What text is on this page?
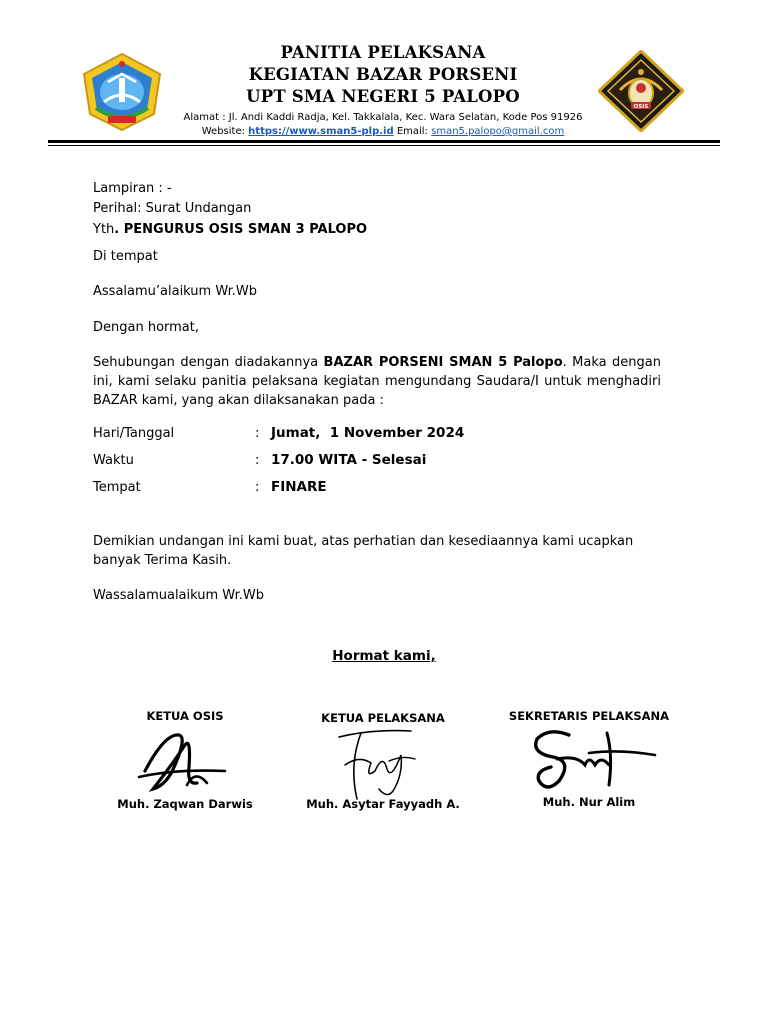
PANITIA PELAKSANA
KEGIATAN BAZAR PORSENI
UPT SMA NEGERI 5 PALOPO
Alamat : Jl. Andi Kaddi Radja, Kel. Takkalala, Kec. Wara Selatan, Kode Pos 91926
Website: https://www.sman5-plp.id Email: sman5.palopo@gmail.com
OSIS
Lampiran : -
Perihal: Surat Undangan
Yth. PENGURUS OSIS SMAN 3 PALOPO
Di tempat
Assalamu’alaikum Wr.Wb
Dengan hormat,
Sehubungan dengan diadakannya BAZAR PORSENI SMAN 5 Palopo. Maka dengan ini, kami selaku panitia pelaksana kegiatan mengundang Saudara/I untuk menghadiri BAZAR kami, yang akan dilaksanakan pada :
Hari/Tanggal	: Jumat,  1 November 2024
Waktu	: 17.00 WITA - Selesai
Tempat	: FINARE
Demikian undangan ini kami buat, atas perhatian dan kesediaannya kami ucapkan banyak Terima Kasih.
Wassalamualaikum Wr.Wb
Hormat kami,
KETUA OSIS
Muh. Zaqwan Darwis
KETUA PELAKSANA
Muh. Asytar Fayyadh A.
SEKRETARIS PELAKSANA
Muh. Nur Alim
